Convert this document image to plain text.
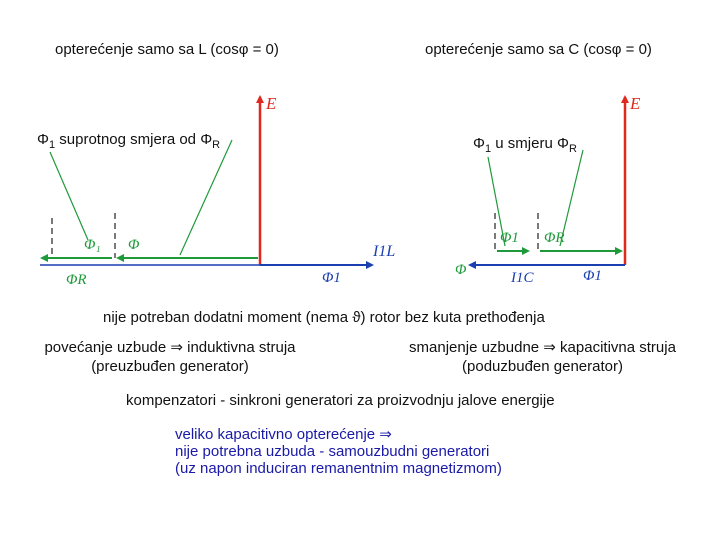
opterećenje samo sa L (cosφ = 0)	opterećenje samo sa C (cosφ = 0)
$\Phi_1$ suprotnog smjera od $\Phi_R$	$\Phi_1$ u smjeru $\Phi_R$
E
Φ₁ Φ
ΦR
I1L
Φ1
E
Φ1 ΦR
Φ	I1C	Φ1
nije potreban dodatni moment (nema ϑ) rotor bez kuta prethođenja
povećanje uzbude ⇒ induktivna struja
(preuzbuđen generator)
smanjenje uzbudne ⇒ kapacitivna struja
(poduzbuđen generator)
kompenzatori - sinkroni generatori za proizvodnju jalove energije
veliko kapacitivno opterećenje ⇒
nije potrebna uzbuda - samouzbudni generatori
(uz napon induciran remanentnim magnetizmom)
